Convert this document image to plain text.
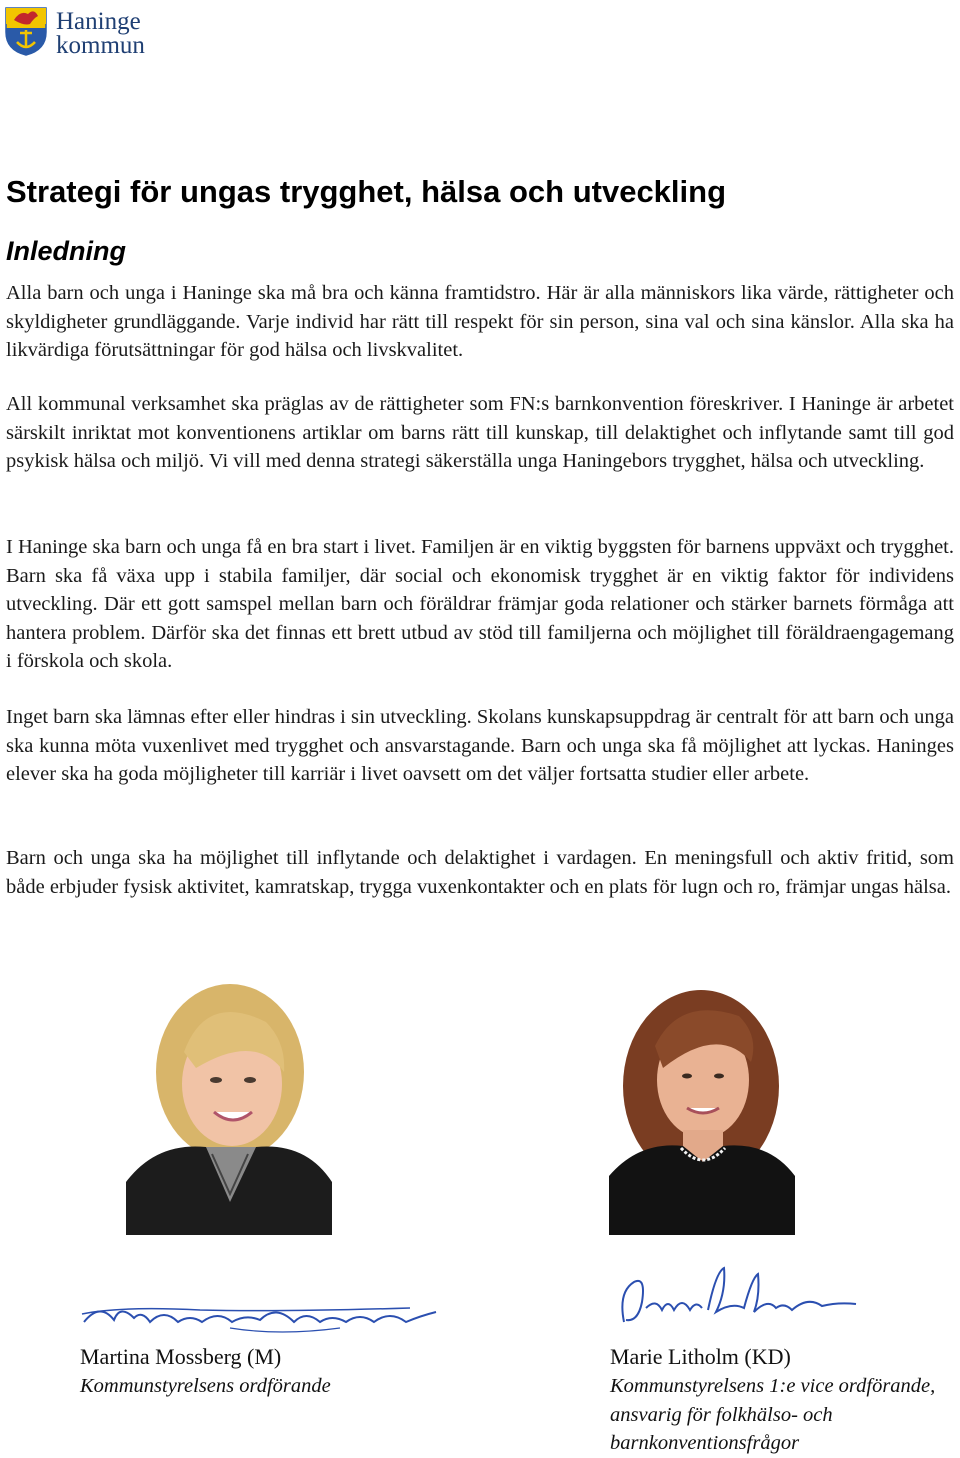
Haninge
kommun
Strategi för ungas trygghet, hälsa och utveckling
Inledning

Alla barn och unga i Haninge ska må bra och känna framtidstro. Här är alla människors lika värde, rättigheter och skyldigheter grundläggande. Varje individ har rätt till respekt för sin person, sina val och sina känslor. Alla ska ha likvärdiga förutsättningar för god hälsa och livskvalitet.

All kommunal verksamhet ska präglas av de rättigheter som FN:s barnkonvention föreskriver. I Haninge är arbetet särskilt inriktat mot konventionens artiklar om barns rätt till kunskap, till delaktighet och inflytande samt till god psykisk hälsa och miljö. Vi vill med denna strategi säkerställa unga Haningebors trygghet, hälsa och utveckling.

I Haninge ska barn och unga få en bra start i livet. Familjen är en viktig byggsten för barnens uppväxt och trygghet. Barn ska få växa upp i stabila familjer, där social och ekonomisk trygghet är en viktig faktor för individens utveckling. Där ett gott samspel mellan barn och föräldrar främjar goda relationer och stärker barnets förmåga att hantera problem. Därför ska det finnas ett brett utbud av stöd till familjerna och möjlighet till föräldraengagemang i förskola och skola.

Inget barn ska lämnas efter eller hindras i sin utveckling. Skolans kunskapsuppdrag är centralt för att barn och unga ska kunna möta vuxenlivet med trygghet och ansvarstagande. Barn och unga ska få möjlighet att lyckas. Haninges elever ska ha goda möjligheter till karriär i livet oavsett om det väljer fortsatta studier eller arbete.

Barn och unga ska ha möjlighet till inflytande och delaktighet i vardagen. En meningsfull och aktiv fritid, som både erbjuder fysisk aktivitet, kamratskap, trygga vuxenkontakter och en plats för lugn och ro, främjar ungas hälsa.

Martina Mossberg (M)
Kommunstyrelsens ordförande
Marie Litholm (KD)
Kommunstyrelsens 1:e vice ordförande, ansvarig för folkhälso- och barnkonventionsfrågor
